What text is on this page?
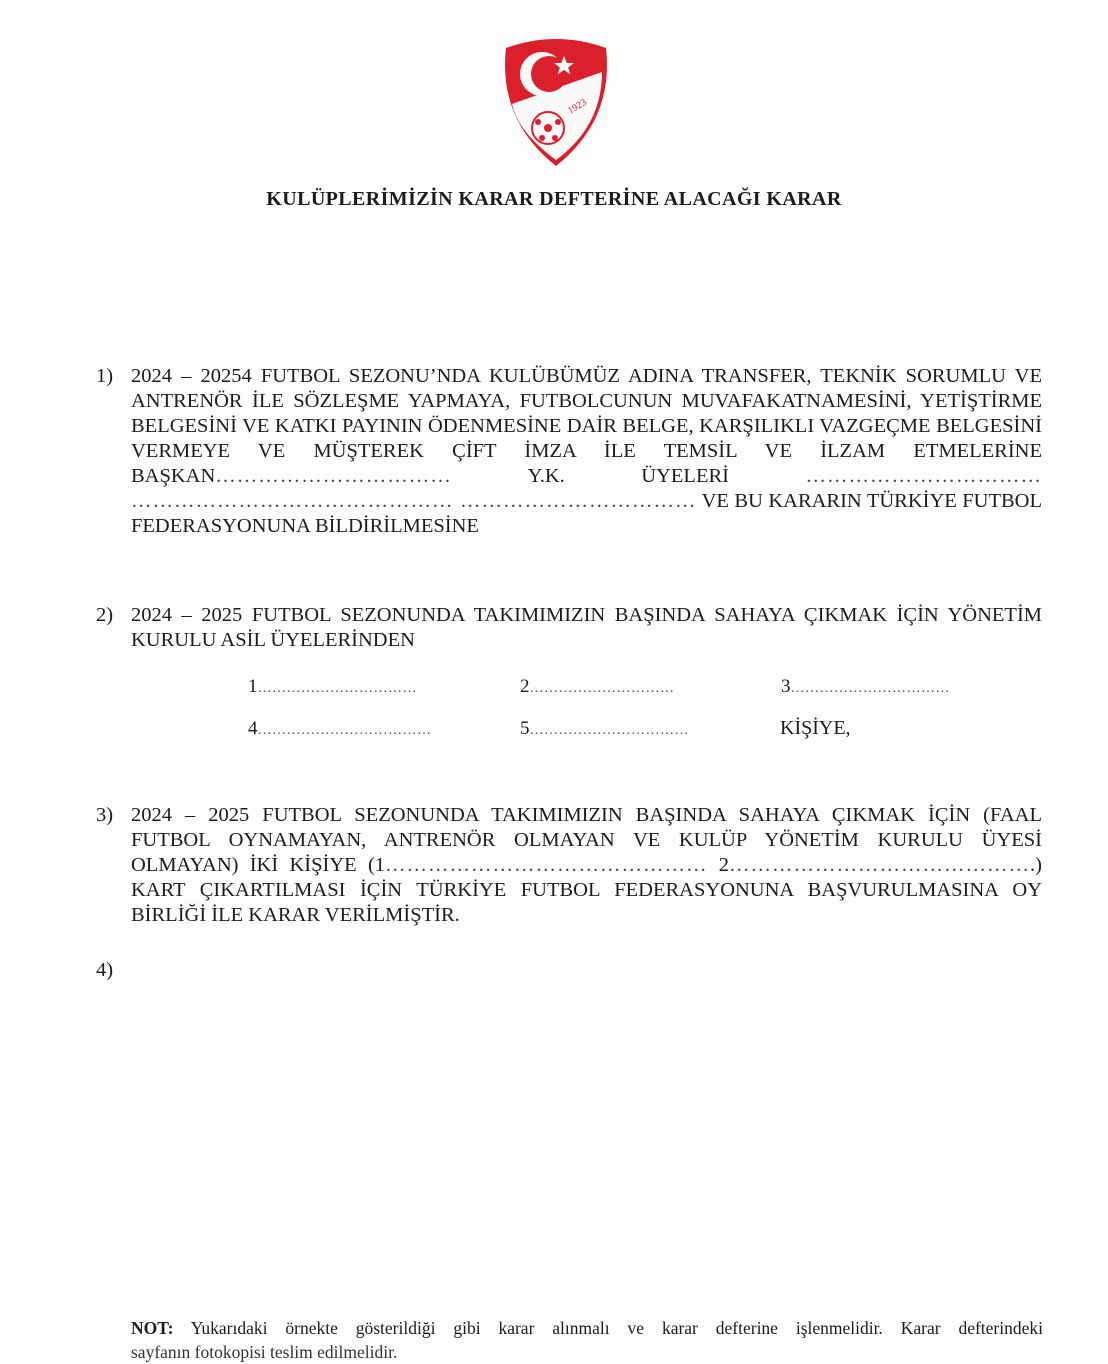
1923
KULÜPLERİMİZİN KARAR DEFTERİNE ALACAĞI KARAR
1) 2024 – 20254 FUTBOL SEZONU’NDA KULÜBÜMÜZ ADINA TRANSFER, TEKNİK SORUMLU VE ANTRENÖR İLE SÖZLEŞME YAPMAYA, FUTBOLCUNUN MUVAFAKATNAMESİNİ, YETİŞTİRME BELGESİNİ VE KATKI PAYININ ÖDENMESİNE DAİR BELGE, KARŞILIKLI VAZGEÇME BELGESİNİ VERMEYE VE MÜŞTEREK ÇİFT İMZA İLE TEMSİL VE İLZAM ETMELERİNE BAŞKAN……………………………	Y.K. ÜYELERİ	…………………………… ……………………………………… …………………………… VE BU KARARIN TÜRKİYE FUTBOL FEDERASYONUNA BİLDİRİLMESİNE
2) 2024 – 2025 FUTBOL SEZONUNDA TAKIMIMIZIN BAŞINDA SAHAYA ÇIKMAK İÇİN YÖNETİM KURULU ASİL ÜYELERİNDEN
1……………………………	2…………………………	3……………………………
4………………………………	5……………………………	KİŞİYE,
3) 2024 – 2025 FUTBOL SEZONUNDA TAKIMIMIZIN BAŞINDA SAHAYA ÇIKMAK İÇİN (FAAL FUTBOL OYNAMAYAN, ANTRENÖR OLMAYAN VE KULÜP YÖNETİM KURULU ÜYESİ OLMAYAN) İKİ KİŞİYE (1……………………………………… 2…………………………………….) KART ÇIKARTILMASI İÇİN TÜRKİYE FUTBOL FEDERASYONUNA BAŞVURULMASINA OY BİRLİĞİ İLE KARAR VERİLMİŞTİR.
4)
NOT: Yukarıdaki örnekte gösterildiği gibi karar alınmalı ve karar defterine işlenmelidir. Karar defterindeki
sayfanın fotokopisi teslim edilmelidir.
